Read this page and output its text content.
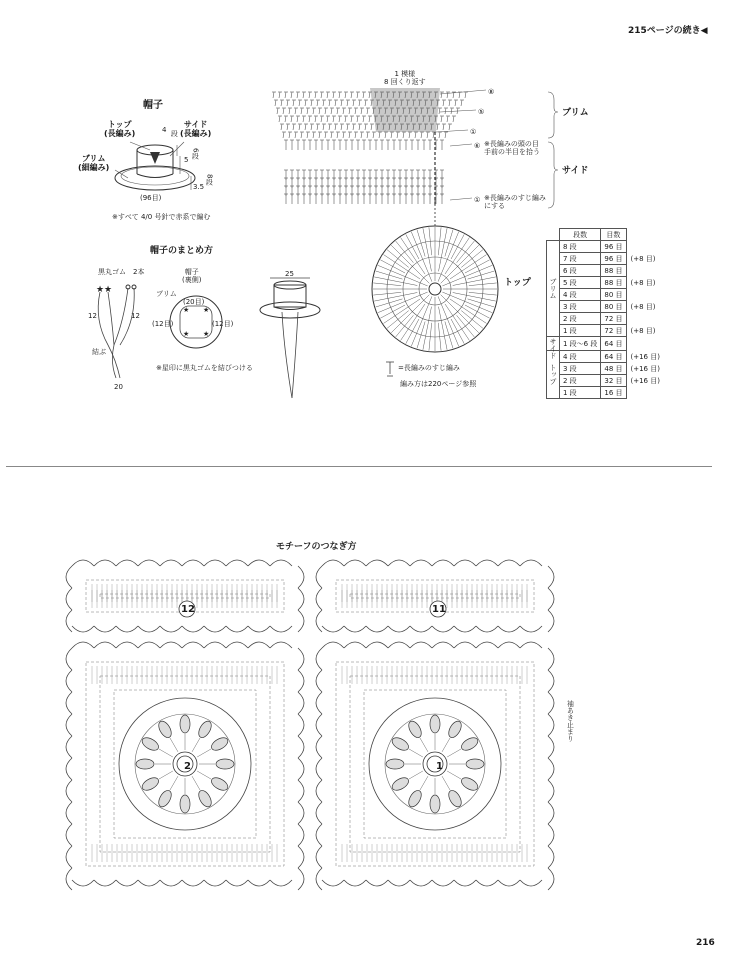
215ページの続き◀
帽子
トップ
(長編み)
サイド
(長編み)
ブリム
(細編み)
4 段
5
6段
3.5
8段
(96目)
※すべて 4/0 号針で赤系で編む
帽子のまとめ方
黒丸ゴム　2本	帽子
(裏側)
ブリム
(20目)
(12目)	(12目)
12	12
結ぶ
20
25
※星印に黒丸ゴムを結びつける
★ ★
★ ★
★ ★
1 模様
8 回くり返す
⑧
⑤
①
⑥
①
ブリム
サイド
※長編みの頭の目
手前の半目を拾う
※長編みのすじ編み
にする
トップ
=長編みのすじ編み
編み方は220ページ参照
	段数	目数	
ブリム	8 段	96 目	
	7 段	96 目	(+8 目)
	6 段	88 目	
	5 段	88 目	(+8 目)
	4 段	80 目	
	3 段	80 目	(+8 目)
	2 段	72 目	
	1 段	72 目	(+8 目)
サイド	1 段〜6 段	64 目	
トップ	4 段	64 目	(+16 目)
	3 段	48 目	(+16 目)
	2 段	32 目	(+16 目)
	1 段	16 目	
モチーフのつなぎ方
袖あき止まり
12	11
2	1
216
